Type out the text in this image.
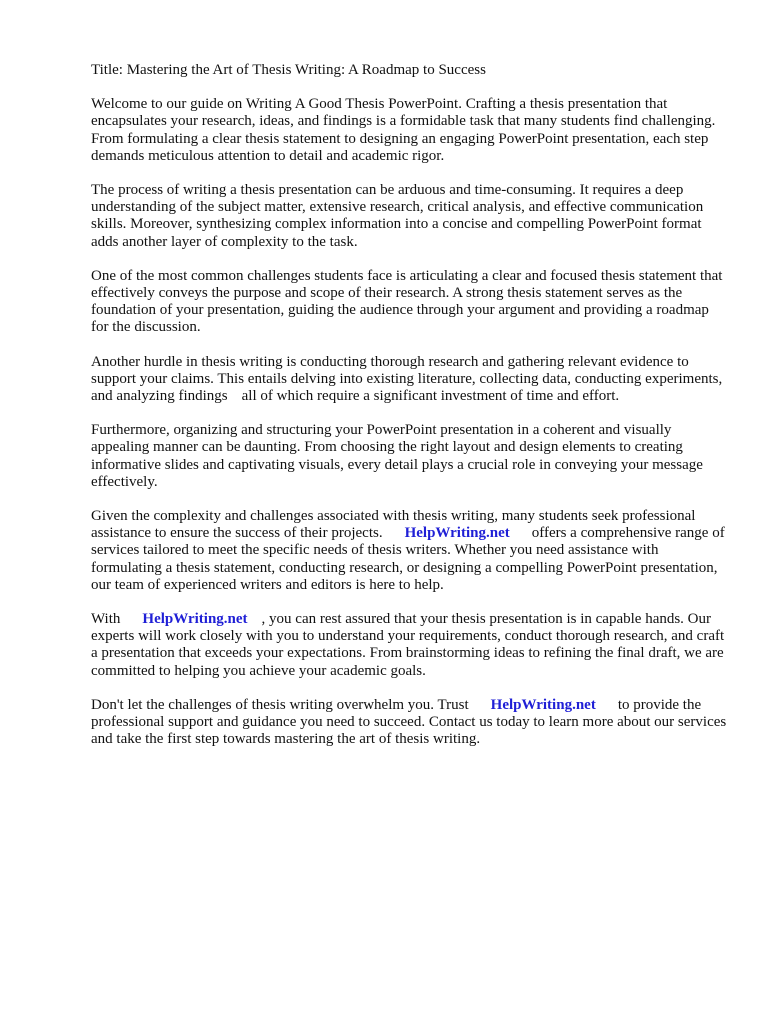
Title: Mastering the Art of Thesis Writing: A Roadmap to Success

Welcome to our guide on Writing A Good Thesis PowerPoint. Crafting a thesis presentation that encapsulates your research, ideas, and findings is a formidable task that many students find challenging. From formulating a clear thesis statement to designing an engaging PowerPoint presentation, each step demands meticulous attention to detail and academic rigor.

The process of writing a thesis presentation can be arduous and time-consuming. It requires a deep understanding of the subject matter, extensive research, critical analysis, and effective communication skills. Moreover, synthesizing complex information into a concise and compelling PowerPoint format adds another layer of complexity to the task.

One of the most common challenges students face is articulating a clear and focused thesis statement that effectively conveys the purpose and scope of their research. A strong thesis statement serves as the foundation of your presentation, guiding the audience through your argument and providing a roadmap for the discussion.

Another hurdle in thesis writing is conducting thorough research and gathering relevant evidence to support your claims. This entails delving into existing literature, collecting data, conducting experiments, and analyzing findings all of which require a significant investment of time and effort.

Furthermore, organizing and structuring your PowerPoint presentation in a coherent and visually appealing manner can be daunting. From choosing the right layout and design elements to creating informative slides and captivating visuals, every detail plays a crucial role in conveying your message effectively.

Given the complexity and challenges associated with thesis writing, many students seek professional assistance to ensure the success of their projects. HelpWriting.net offers a comprehensive range of services tailored to meet the specific needs of thesis writers. Whether you need assistance with formulating a thesis statement, conducting research, or designing a compelling PowerPoint presentation, our team of experienced writers and editors is here to help.

With HelpWriting.net , you can rest assured that your thesis presentation is in capable hands. Our experts will work closely with you to understand your requirements, conduct thorough research, and craft a presentation that exceeds your expectations. From brainstorming ideas to refining the final draft, we are committed to helping you achieve your academic goals.

Don't let the challenges of thesis writing overwhelm you. Trust HelpWriting.net to provide the professional support and guidance you need to succeed. Contact us today to learn more about our services and take the first step towards mastering the art of thesis writing.
